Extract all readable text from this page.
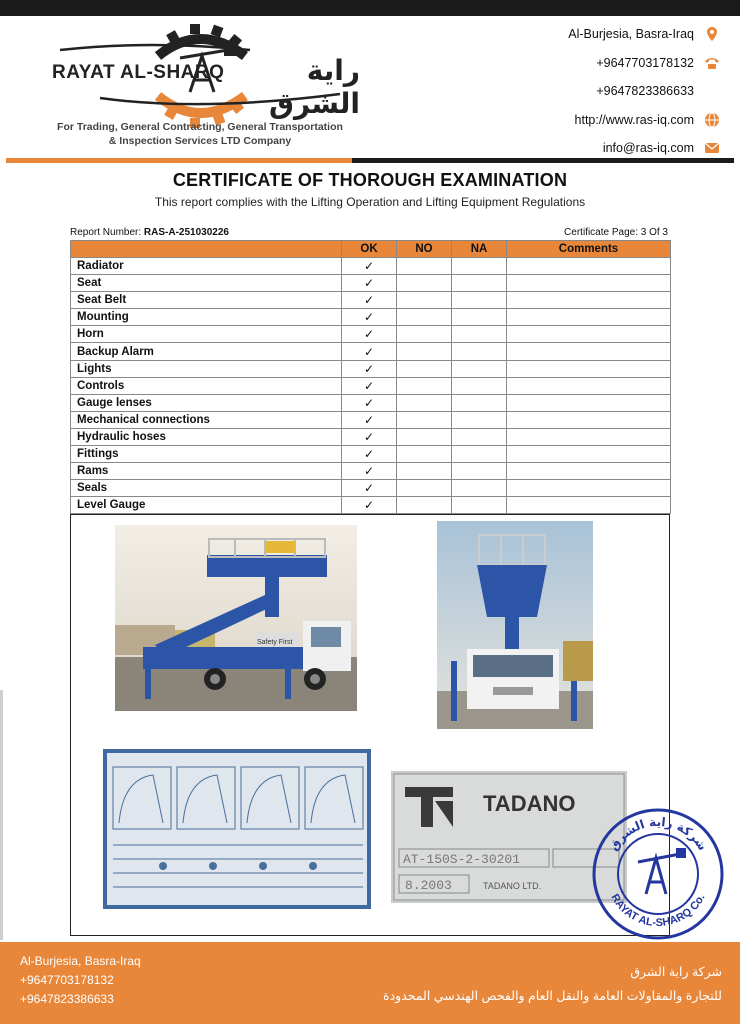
RAYAT AL-SHARQ	راية الشرق
For Trading, General Contracting, General Transportation
& Inspection Services LTD Company
Al-Burjesia, Basra-Iraq
+9647703178132
+9647823386633
http://www.ras-iq.com
info@ras-iq.com
CERTIFICATE OF THOROUGH EXAMINATION
This report complies with the Lifting Operation and Lifting Equipment Regulations
Report Number: RAS-A-251030226	Certificate Page: 3 Of 3
	OK	NO	NA	Comments
Radiator	✓			
Seat	✓			
Seat Belt	✓			
Mounting	✓			
Horn	✓			
Backup Alarm	✓			
Lights	✓			
Controls	✓			
Gauge lenses	✓			
Mechanical connections	✓			
Hydraulic hoses	✓			
Fittings	✓			
Rams	✓			
Seals	✓			
Level Gauge	✓			
Safety First
TADANO
AT-150S-2-30201
8.2003	TADANO LTD.
شركة راية الشرق
RAYAT AL-SHARQ Co.
Al-Burjesia, Basra-Iraq
+9647703178132
+9647823386633
شركة راية الشرق
للتجارة والمقاولات العامة والنقل العام والفحص الهندسي المحدودة
